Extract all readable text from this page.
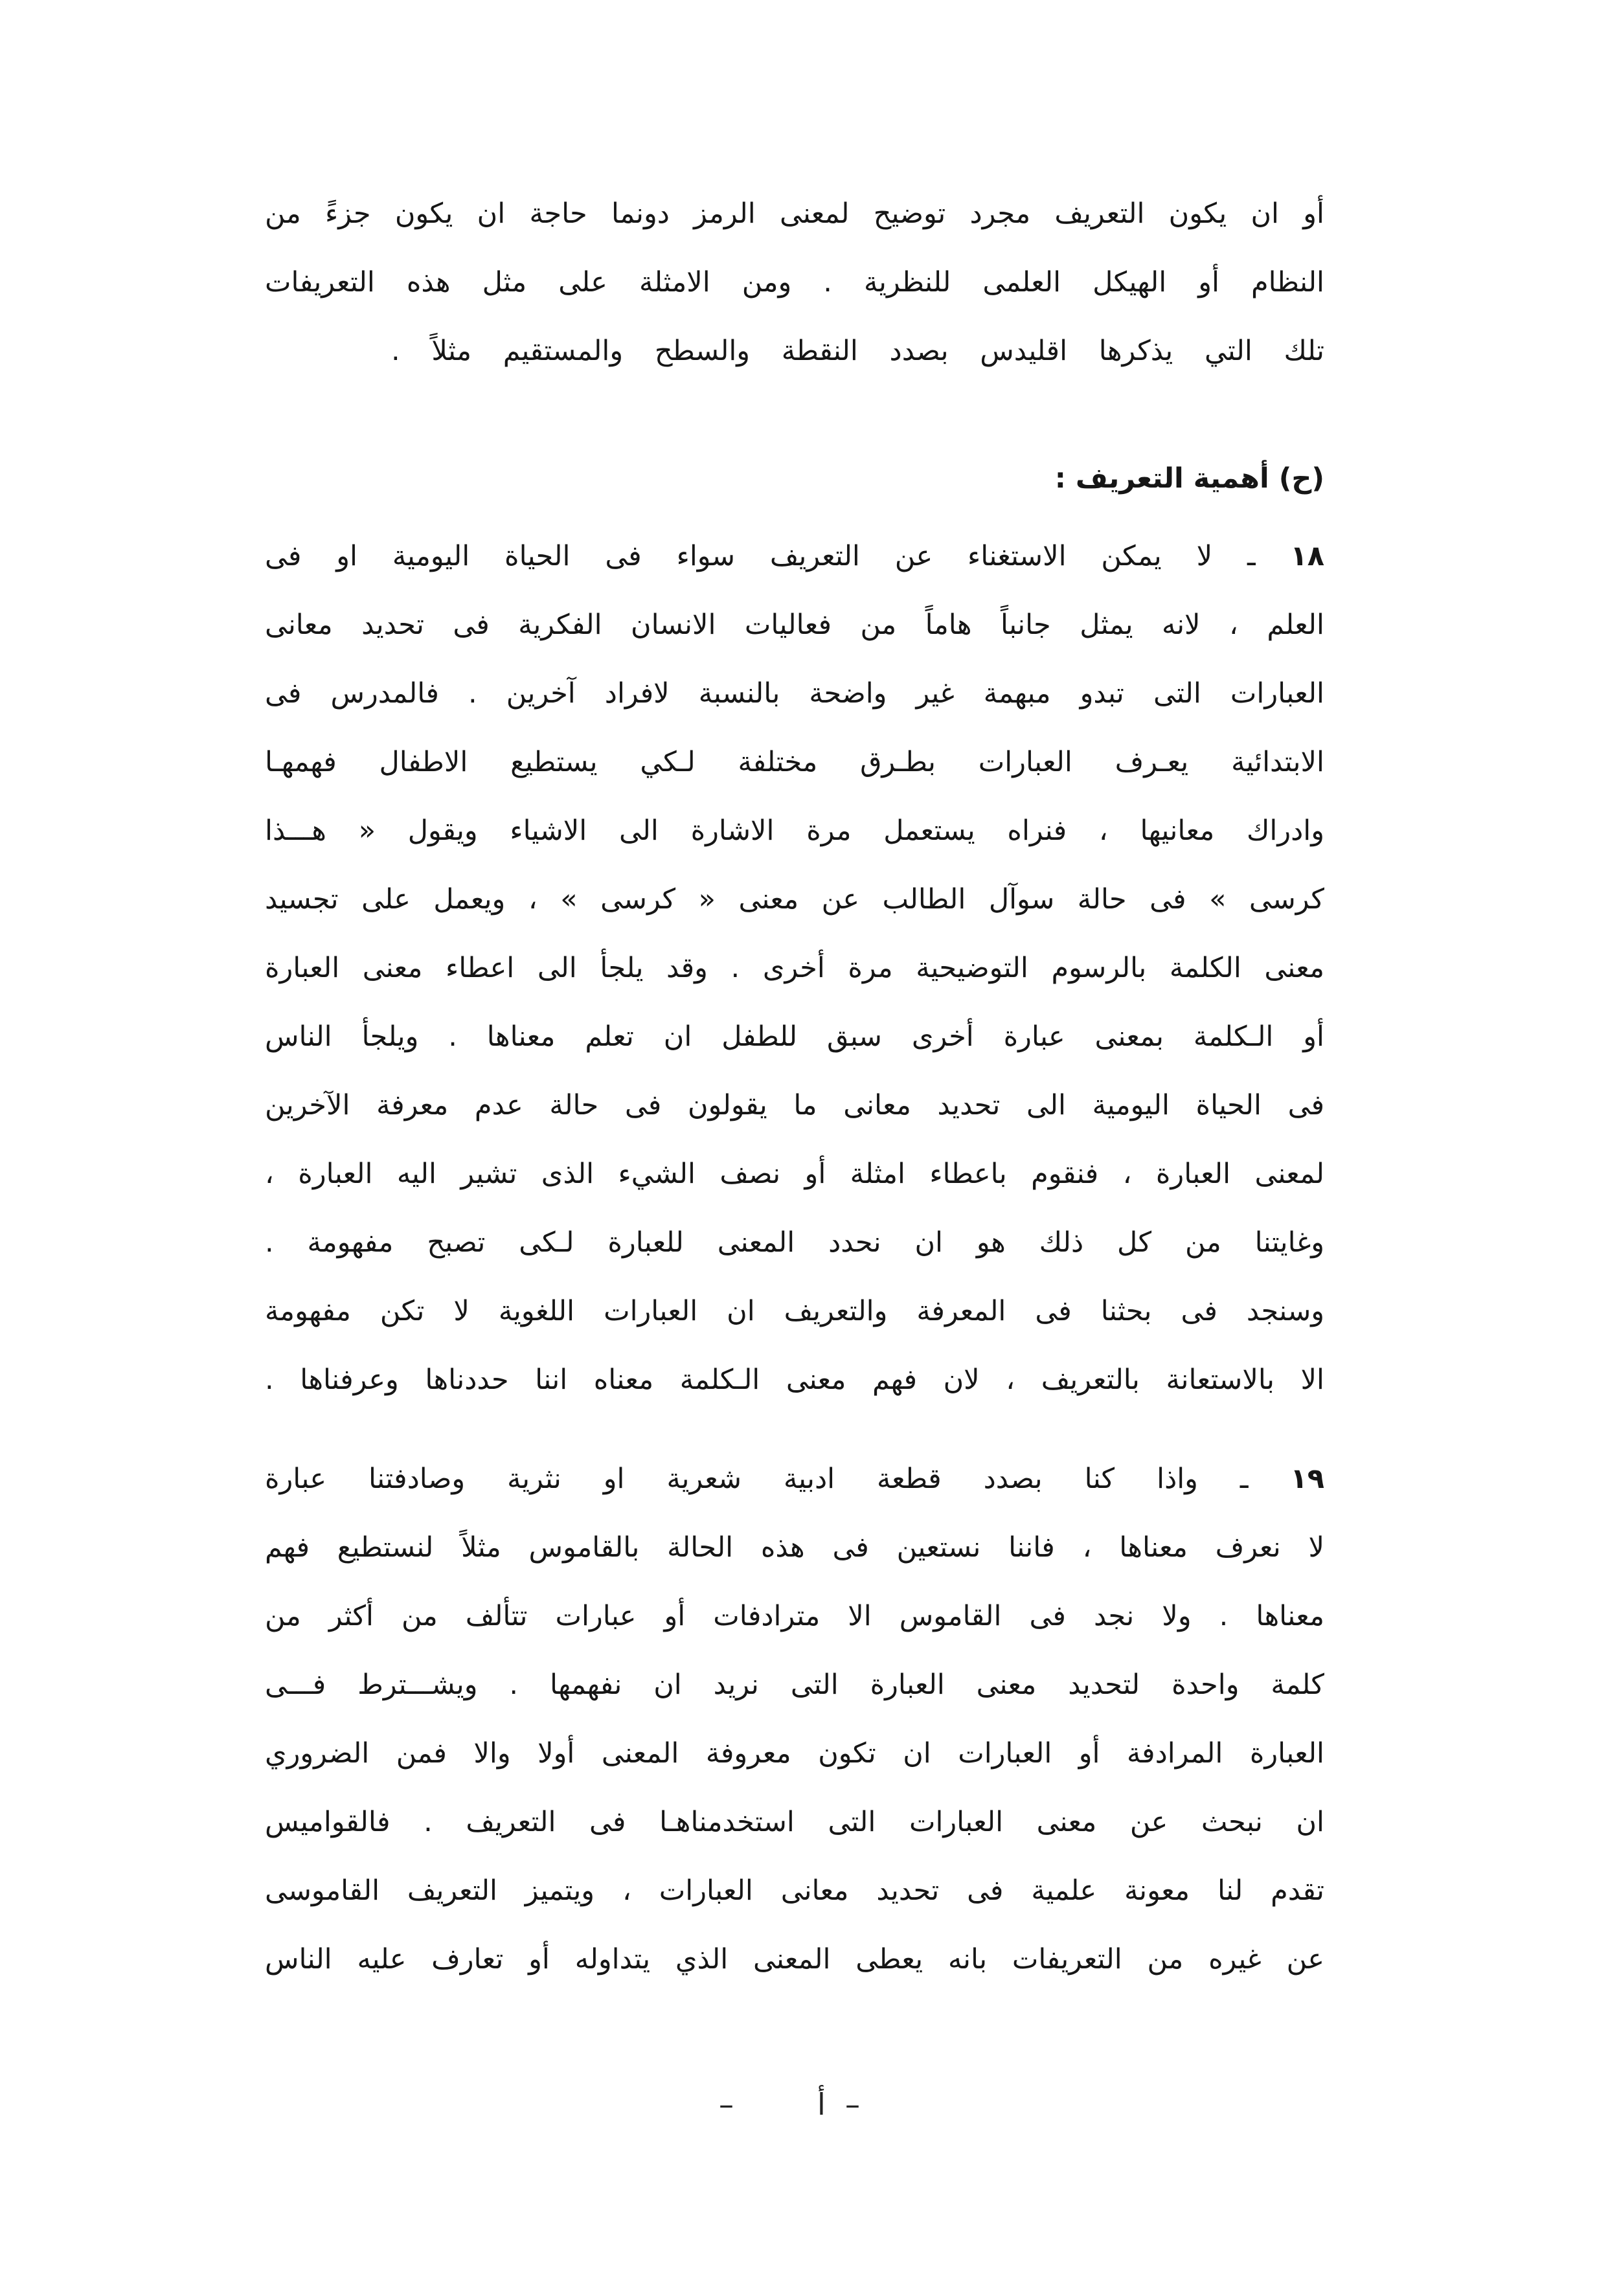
أو ان يكون التعريف مجرد توضيح لمعنى الرمز دونما حاجة ان يكون جزءً من
النظام أو الهيكل العلمى للنظرية . ومن الامثلة على مثل هذه التعريفات
تلك التي يذكرها اقليدس بصدد النقطة والسطح والمستقيم مثلاً .
(ح) أهمية التعريف :
١٨ ـ لا يمكن الاستغناء عن التعريف سواء فى الحياة اليومية او فى
العلم ، لانه يمثل جانباً هاماً من فعاليات الانسان الفكرية فى تحديد معانى
العبارات التى تبدو مبهمة غير واضحة بالنسبة لافراد آخرين . فالمدرس فى
الابتدائية يعـرف العبارات بطـرق مختلفة لـكي يستطيع الاطفال فهمهـا
وادراك معانيها ، فنراه يستعمل مرة الاشارة الى الاشياء ويقول « هـــذا
كرسى » فى حالة سوآل الطالب عن معنى « كرسى » ، ويعمل على تجسيد
معنى الكلمة بالرسوم التوضيحية مرة أخرى . وقد يلجأ الى اعطاء معنى العبارة
أو الـكلمة بمعنى عبارة أخرى سبق للطفل ان تعلم معناها . ويلجأ الناس
فى الحياة اليومية الى تحديد معانى ما يقولون فى حالة عدم معرفة الآخرين
لمعنى العبارة ، فنقوم باعطاء امثلة أو نصف الشيء الذى تشير اليه العبارة ،
وغايتنا من كل ذلك هو ان نحدد المعنى للعبارة لـكى تصبح مفهومة .
وسنجد فى بحثنا فى المعرفة والتعريف ان العبارات اللغوية لا تكن مفهومة
الا بالاستعانة بالتعريف ، لان فهم معنى الـكلمة معناه اننا حددناها وعرفناها .
١٩ ـ واذا كنا بصدد قطعة ادبية شعرية او نثرية وصادفتنا عبارة
لا نعرف معناها ، فاننا نستعين فى هذه الحالة بالقاموس مثلاً لنستطيع فهم
معناها . ولا نجد فى القاموس الا مترادفات أو عبارات تتألف من أكثر من
كلمة واحدة لتحديد معنى العبارة التى نريد ان نفهمها . ويشـــترط فـــى
العبارة المرادفة أو العبارات ان تكون معروفة المعنى أولا والا فمن الضروري
ان نبحث عن معنى العبارات التى استخدمناهـا فى التعريف . فالقواميس
تقدم لنا معونة علمية فى تحديد معانى العبارات ، ويتميز التعريف القاموسى
عن غيره من التعريفات بانه يعطى المعنى الذي يتداوله أو تعارف عليه الناس
–	أ –
